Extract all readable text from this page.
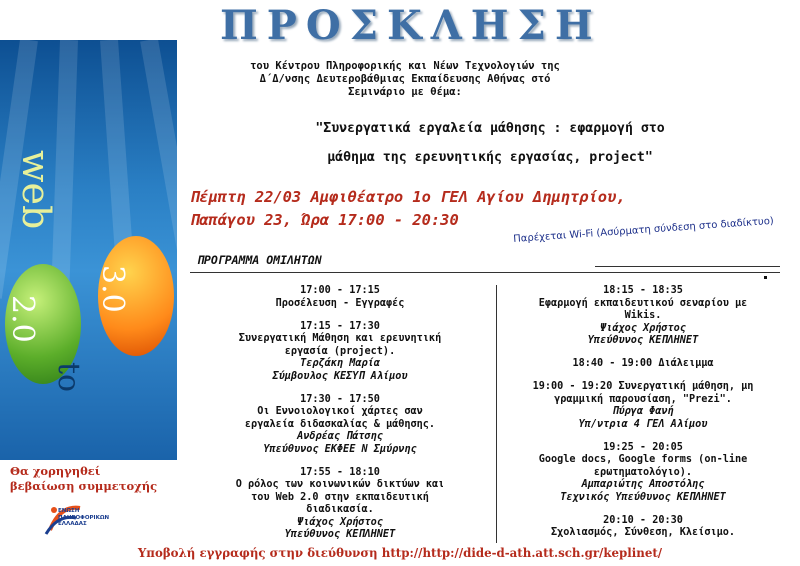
ΠΡΟΣΚΛΗΣΗ
του Κέντρου Πληροφορικής και Νέων Τεχνολογιών της
Δ΄Δ/νσης Δευτεροβάθμιας Εκπαίδευσης Αθήνας στό
Σεμινάριο με θέμα:
"Συνεργατικά εργαλεία μάθησης : εφαρμογή στο
μάθημα της ερευνητικής εργασίας, project"
Πέμπτη 22/03 Αμφιθέατρο 1ο ΓΕΛ Αγίου Δημητρίου,
Παπάγου 23, Ώρα 17:00 - 20:30
web
2.0
3.0
to
Θα χορηγηθεί
βεβαίωση συμμετοχής
ΕΝΩΣΗ
ΠΛΗΡΟΦΟΡΙΚΩΝ
ΕΛΛΑΔΑΣ
Παρέχεται Wi-Fi (Ασύρματη σύνδεση στο διαδίκτυο)
ΠΡΟΓΡΑΜΜΑ ΟΜΙΛΗΤΩΝ
17:00 - 17:15
Προσέλευση - Εγγραφές
17:15 - 17:30
Συνεργατική Μάθηση και ερευνητική
εργασία (project).
Τερζάκη Μαρία
Σύμβουλος ΚΕΣΥΠ Αλίμου
17:30 - 17:50
Οι Εννοιολογικοί χάρτες σαν
εργαλεία διδασκαλίας & μάθησης.
Ανδρέας Πάτσης
Υπεύθυνος ΕΚΦΕΕ Ν Σμύρνης
17:55 - 18:10
Ο ρόλος των κοινωνικών δικτύων και
του Web 2.0 στην εκπαιδευτική
διαδικασία.
Ψιάχος Χρήστος
Υπεύθυνος ΚΕΠΛΗΝΕΤ
18:15 - 18:35
Εφαρμογή εκπαιδευτικού σεναρίου με
Wikis.
Ψιάχος Χρήστος
Υπεύθυνος ΚΕΠΛΗΝΕΤ
18:40 - 19:00 Διάλειμμα
19:00 - 19:20 Συνεργατική μάθηση, μη
γραμμική παρουσίαση, "Prezi".
Πύργα Φανή
Υπ/ντρια 4 ΓΕΛ Αλίμου
19:25 - 20:05
Google docs, Google forms (on-line
ερωτηματολόγιο).
Αμπαριώτης Αποστόλης
Τεχνικός Υπεύθυνος ΚΕΠΛΗΝΕΤ
20:10 - 20:30
Σχολιασμός, Σύνθεση, Κλείσιμο.
Υποβολή εγγραφής στην διεύθυνση http://http://dide-d-ath.att.sch.gr/keplinet/
